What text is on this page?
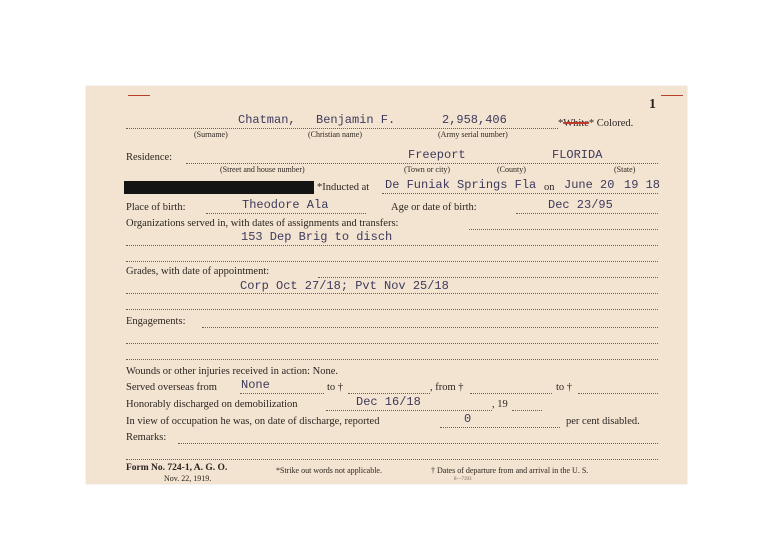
1
Chatman, Benjamin F.	2,958,406	*White* Colored.
(Surname)	(Christian name)	(Army serial number)
Residence:	Freeport	FLORIDA
(Street and house number)	(Town or city)	(County)	(State)
*Inducted at De Funiak Springs Fla on June 20 19 18
Place of birth:	Theodore Ala	Age or date of birth:	Dec 23/95
Organizations served in, with dates of assignments and transfers:
153 Dep Brig to disch
Grades, with date of appointment:
Corp Oct 27/18; Pvt Nov 25/18
Engagements:
Wounds or other injuries received in action: None.
Served overseas from None	to †	, from †	to †
Honorably discharged on demobilization	Dec 16/18	, 19
In view of occupation he was, on date of discharge, reported	0	per cent disabled.
Remarks:
Form No. 724-1, A. G. O.
Nov. 22, 1919.
*Strike out words not applicable.	† Dates of departure from and arrival in the U. S.
8—7393
